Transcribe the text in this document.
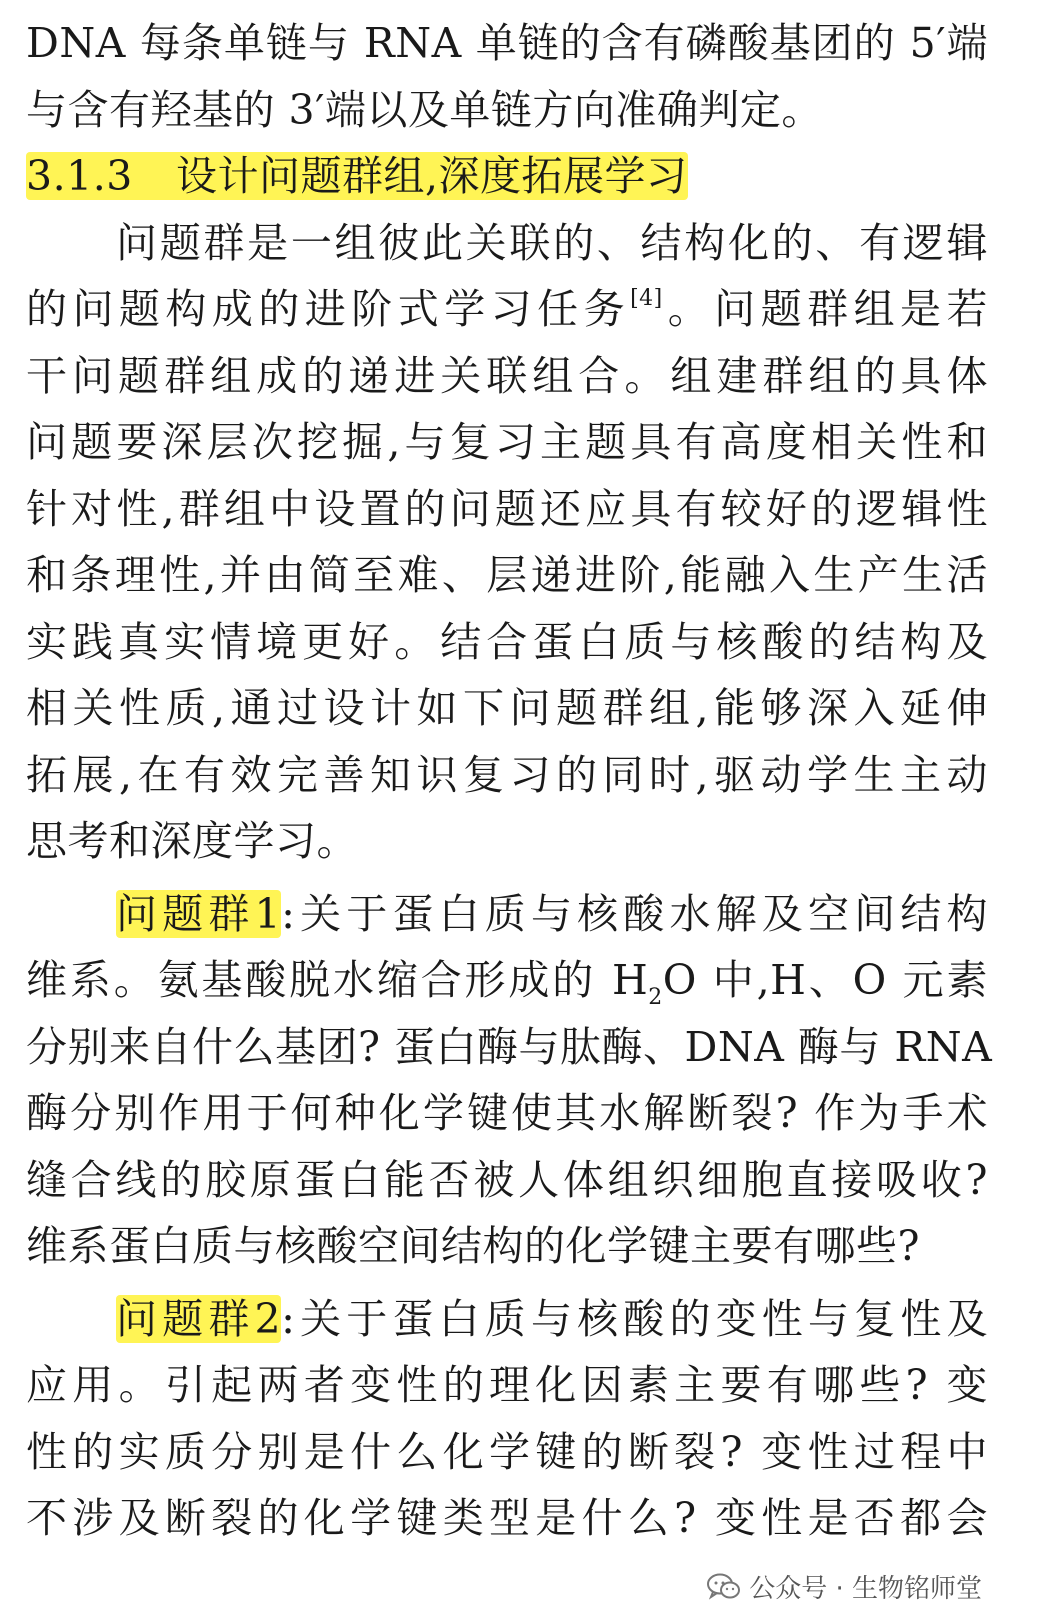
DNA 每条单链与 RNA 单链的含有磷酸基团的 5′端
与含有羟基的 3′端以及单链方向准确判定。
3.1.3 设计问题群组,深度拓展学习
问题群是一组彼此关联的、结构化的、有逻辑
的问题构成的进阶式学习任务[4]。问题群组是若
干问题群组成的递进关联组合。组建群组的具体
问题要深层次挖掘,与复习主题具有高度相关性和
针对性,群组中设置的问题还应具有较好的逻辑性
和条理性,并由简至难、层递进阶,能融入生产生活
实践真实情境更好。结合蛋白质与核酸的结构及
相关性质,通过设计如下问题群组,能够深入延伸
拓展,在有效完善知识复习的同时,驱动学生主动
思考和深度学习。
问题群1:关于蛋白质与核酸水解及空间结构
维系。氨基酸脱水缩合形成的 $H_2O$ 中,H、O 元素
分别来自什么基团? 蛋白酶与肽酶、DNA 酶与 RNA
酶分别作用于何种化学键使其水解断裂? 作为手术
缝合线的胶原蛋白能否被人体组织细胞直接吸收?
维系蛋白质与核酸空间结构的化学键主要有哪些?
问题群2:关于蛋白质与核酸的变性与复性及
应用。引起两者变性的理化因素主要有哪些? 变
性的实质分别是什么化学键的断裂? 变性过程中
不涉及断裂的化学键类型是什么? 变性是否都会
公众号 · 生物铭师堂
